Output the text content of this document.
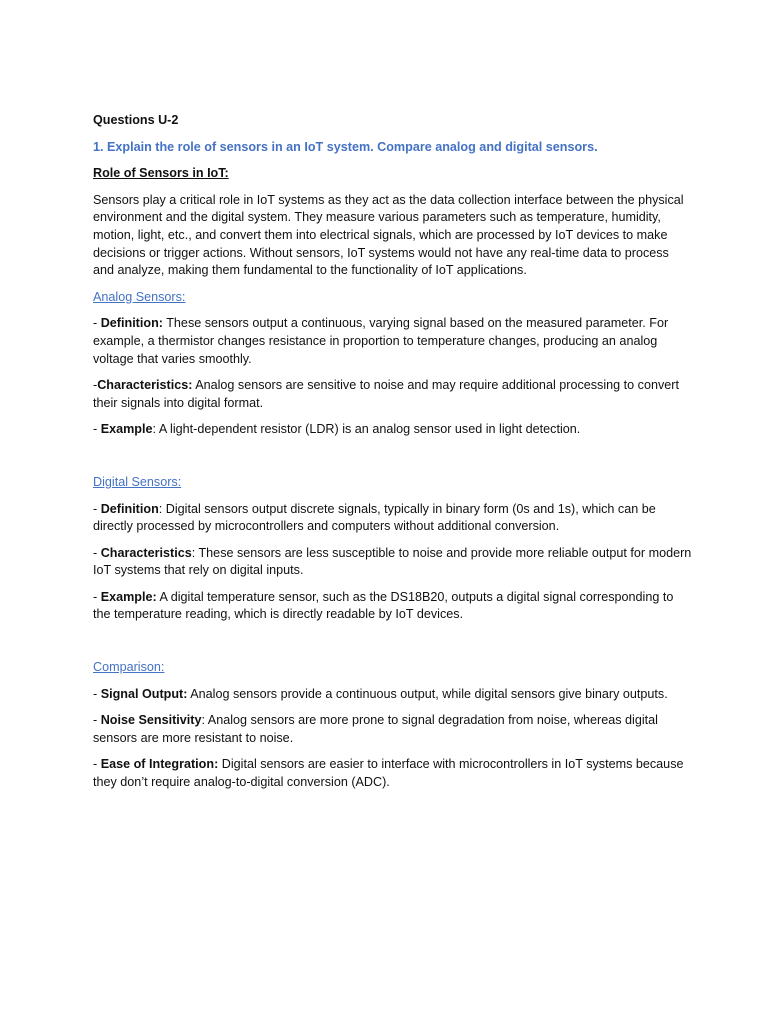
Questions U-2
1. Explain the role of sensors in an IoT system. Compare analog and digital sensors.
Role of Sensors in IoT:
Sensors play a critical role in IoT systems as they act as the data collection interface between the physical environment and the digital system. They measure various parameters such as temperature, humidity, motion, light, etc., and convert them into electrical signals, which are processed by IoT devices to make decisions or trigger actions. Without sensors, IoT systems would not have any real-time data to process and analyze, making them fundamental to the functionality of IoT applications.
Analog Sensors:
- Definition: These sensors output a continuous, varying signal based on the measured parameter. For example, a thermistor changes resistance in proportion to temperature changes, producing an analog voltage that varies smoothly.
-Characteristics: Analog sensors are sensitive to noise and may require additional processing to convert their signals into digital format.
- Example: A light-dependent resistor (LDR) is an analog sensor used in light detection.
Digital Sensors:
- Definition: Digital sensors output discrete signals, typically in binary form (0s and 1s), which can be directly processed by microcontrollers and computers without additional conversion.
- Characteristics: These sensors are less susceptible to noise and provide more reliable output for modern IoT systems that rely on digital inputs.
- Example: A digital temperature sensor, such as the DS18B20, outputs a digital signal corresponding to the temperature reading, which is directly readable by IoT devices.
Comparison:
- Signal Output: Analog sensors provide a continuous output, while digital sensors give binary outputs.
- Noise Sensitivity: Analog sensors are more prone to signal degradation from noise, whereas digital sensors are more resistant to noise.
- Ease of Integration: Digital sensors are easier to interface with microcontrollers in IoT systems because they don’t require analog-to-digital conversion (ADC).
